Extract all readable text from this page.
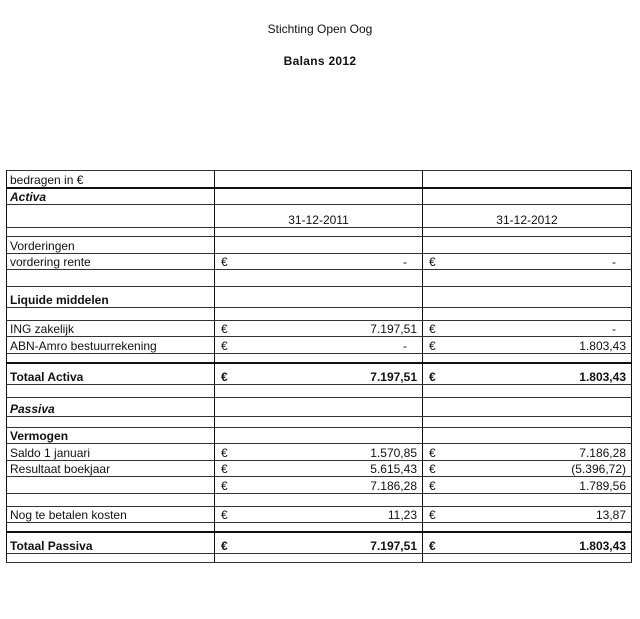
Stichting Open Oog
Balans 2012
bedragen in €		
Activa		
	31-12-2011	31-12-2012

Vorderingen		
vordering rente	€ -	€ -

Liquide middelen		

ING zakelijk	€ 7.197,51	€ -

ABN-Amro bestuurrekening	€ -	€ 1.803,43

Totaal Activa	€ 7.197,51	€ 1.803,43

Passiva		

Vermogen		
Saldo 1 januari	€ 1.570,85	€ 7.186,28

Resultaat boekjaar	€ 5.615,43	€ (5.396,72)

	€ 7.186,28	€ 1.789,56

Nog te betalen kosten	€ 11,23	€ 13,87

Totaal Passiva	€ 7.197,51	€ 1.803,43
